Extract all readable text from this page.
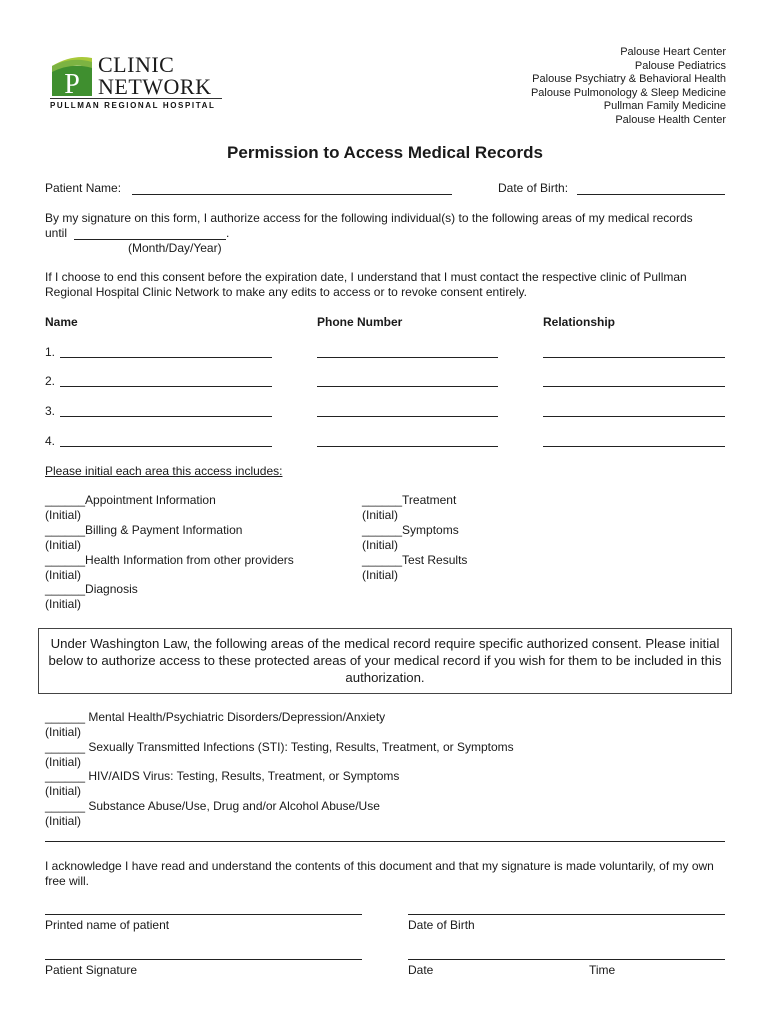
P
CLINIC
NETWORK
PULLMAN REGIONAL HOSPITAL
Palouse Heart Center
Palouse Pediatrics
Palouse Psychiatry & Behavioral Health
Palouse Pulmonology & Sleep Medicine
Pullman Family Medicine
Palouse Health Center
Permission to Access Medical Records
Patient Name:	Date of Birth:
By my signature on this form, I authorize access for the following individual(s) to the following areas of my medical records
until	.
(Month/Day/Year)
If I choose to end this consent before the expiration date, I understand that I must contact the respective clinic of Pullman Regional Hospital Clinic Network to make any edits to access or to revoke consent entirely.
Name	Phone Number	Relationship
1.
2.
3.
4.
Please initial each area this access includes:
______Appointment Information
(Initial)
______Billing & Payment Information
(Initial)
______Health Information from other providers
(Initial)
______Diagnosis
(Initial)
______Treatment
(Initial)
______Symptoms
(Initial)
______Test Results
(Initial)
Under Washington Law, the following areas of the medical record require specific authorized consent. Please initial below to authorize access to these protected areas of your medical record if you wish for them to be included in this authorization.
______ Mental Health/Psychiatric Disorders/Depression/Anxiety
(Initial)
______ Sexually Transmitted Infections (STI): Testing, Results, Treatment, or Symptoms
(Initial)
______ HIV/AIDS Virus: Testing, Results, Treatment, or Symptoms
(Initial)
______ Substance Abuse/Use, Drug and/or Alcohol Abuse/Use
(Initial)
I acknowledge I have read and understand the contents of this document and that my signature is made voluntarily, of my own free will.
Printed name of patient	Date of Birth
Patient Signature	Date	Time
